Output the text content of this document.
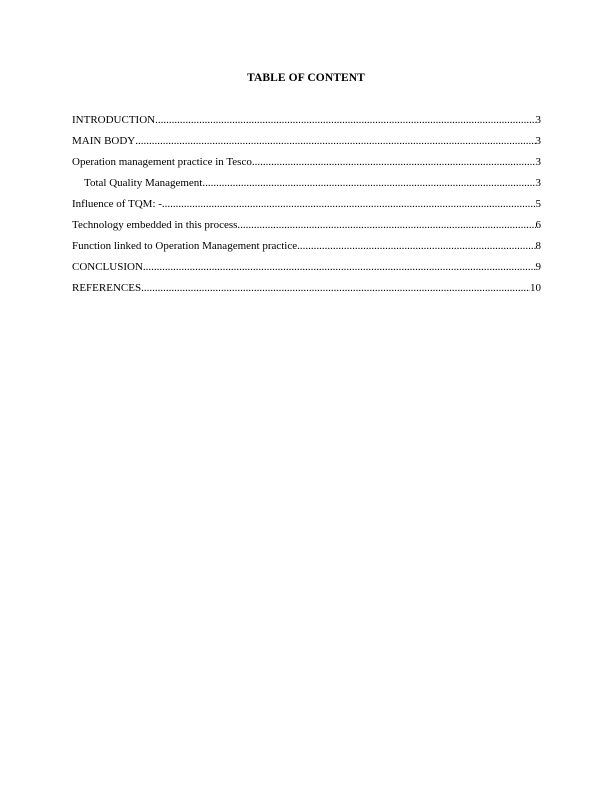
TABLE OF CONTENT
INTRODUCTION .....	3
MAIN BODY .....	3
Operation management practice in Tesco .....	3
Total Quality Management .....	3
Influence of TQM: - .....	5
Technology embedded in this process .....	6
Function linked to Operation Management practice .....	8
CONCLUSION .....	9
REFERENCES .....	10
